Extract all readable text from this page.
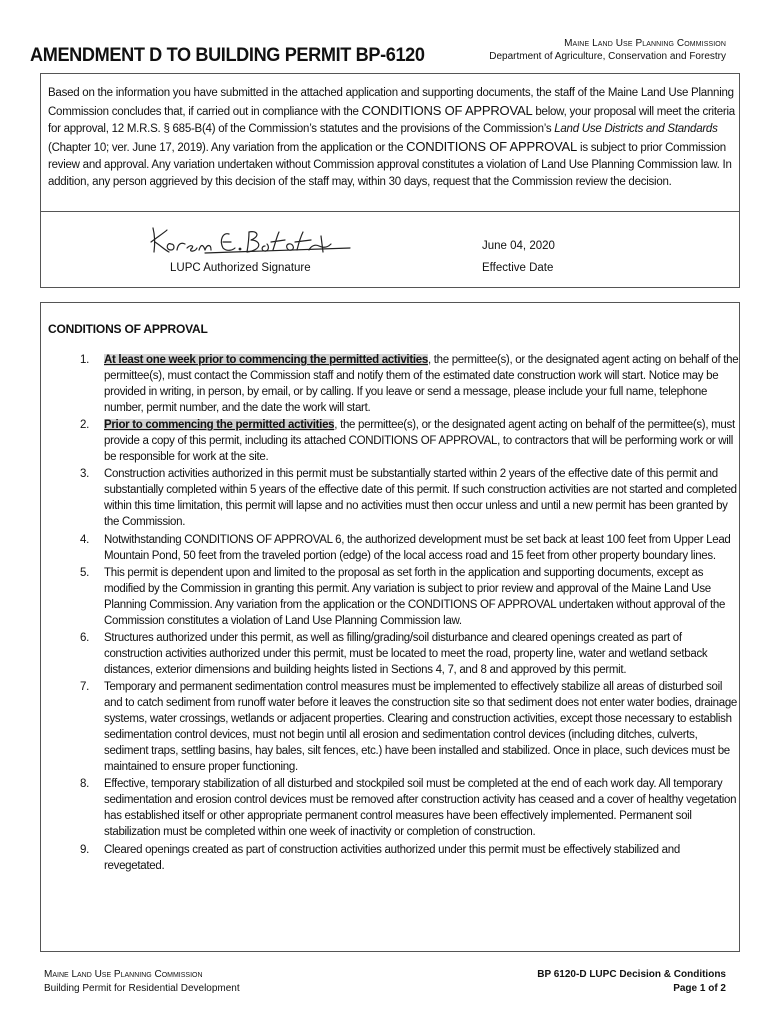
AMENDMENT D TO BUILDING PERMIT BP-6120
Maine Land Use Planning Commission
Department of Agriculture, Conservation and Forestry
Based on the information you have submitted in the attached application and supporting documents, the staff of the Maine Land Use Planning Commission concludes that, if carried out in compliance with the CONDITIONS OF APPROVAL below, your proposal will meet the criteria for approval, 12 M.R.S. § 685-B(4) of the Commission’s statutes and the provisions of the Commission’s Land Use Districts and Standards (Chapter 10; ver. June 17, 2019). Any variation from the application or the CONDITIONS OF APPROVAL is subject to prior Commission review and approval. Any variation undertaken without Commission approval constitutes a violation of Land Use Planning Commission law. In addition, any person aggrieved by this decision of the staff may, within 30 days, request that the Commission review the decision.
LUPC Authorized Signature
June 04, 2020
Effective Date
CONDITIONS OF APPROVAL
1. At least one week prior to commencing the permitted activities, the permittee(s), or the designated agent acting on behalf of the permittee(s), must contact the Commission staff and notify them of the estimated date construction work will start. Notice may be provided in writing, in person, by email, or by calling. If you leave or send a message, please include your full name, telephone number, permit number, and the date the work will start.
2. Prior to commencing the permitted activities, the permittee(s), or the designated agent acting on behalf of the permittee(s), must provide a copy of this permit, including its attached CONDITIONS OF APPROVAL, to contractors that will be performing work or will be responsible for work at the site.
3. Construction activities authorized in this permit must be substantially started within 2 years of the effective date of this permit and substantially completed within 5 years of the effective date of this permit. If such construction activities are not started and completed within this time limitation, this permit will lapse and no activities must then occur unless and until a new permit has been granted by the Commission.
4. Notwithstanding CONDITIONS OF APPROVAL 6, the authorized development must be set back at least 100 feet from Upper Lead Mountain Pond, 50 feet from the traveled portion (edge) of the local access road and 15 feet from other property boundary lines.
5. This permit is dependent upon and limited to the proposal as set forth in the application and supporting documents, except as modified by the Commission in granting this permit. Any variation is subject to prior review and approval of the Maine Land Use Planning Commission. Any variation from the application or the CONDITIONS OF APPROVAL undertaken without approval of the Commission constitutes a violation of Land Use Planning Commission law.
6. Structures authorized under this permit, as well as filling/grading/soil disturbance and cleared openings created as part of construction activities authorized under this permit, must be located to meet the road, property line, water and wetland setback distances, exterior dimensions and building heights listed in Sections 4, 7, and 8 and approved by this permit.
7. Temporary and permanent sedimentation control measures must be implemented to effectively stabilize all areas of disturbed soil and to catch sediment from runoff water before it leaves the construction site so that sediment does not enter water bodies, drainage systems, water crossings, wetlands or adjacent properties. Clearing and construction activities, except those necessary to establish sedimentation control devices, must not begin until all erosion and sedimentation control devices (including ditches, culverts, sediment traps, settling basins, hay bales, silt fences, etc.) have been installed and stabilized. Once in place, such devices must be maintained to ensure proper functioning.
8. Effective, temporary stabilization of all disturbed and stockpiled soil must be completed at the end of each work day. All temporary sedimentation and erosion control devices must be removed after construction activity has ceased and a cover of healthy vegetation has established itself or other appropriate permanent control measures have been effectively implemented. Permanent soil stabilization must be completed within one week of inactivity or completion of construction.
9. Cleared openings created as part of construction activities authorized under this permit must be effectively stabilized and revegetated.
Maine Land Use Planning Commission
Building Permit for Residential Development
BP 6120-D LUPC Decision & Conditions
Page 1 of 2
